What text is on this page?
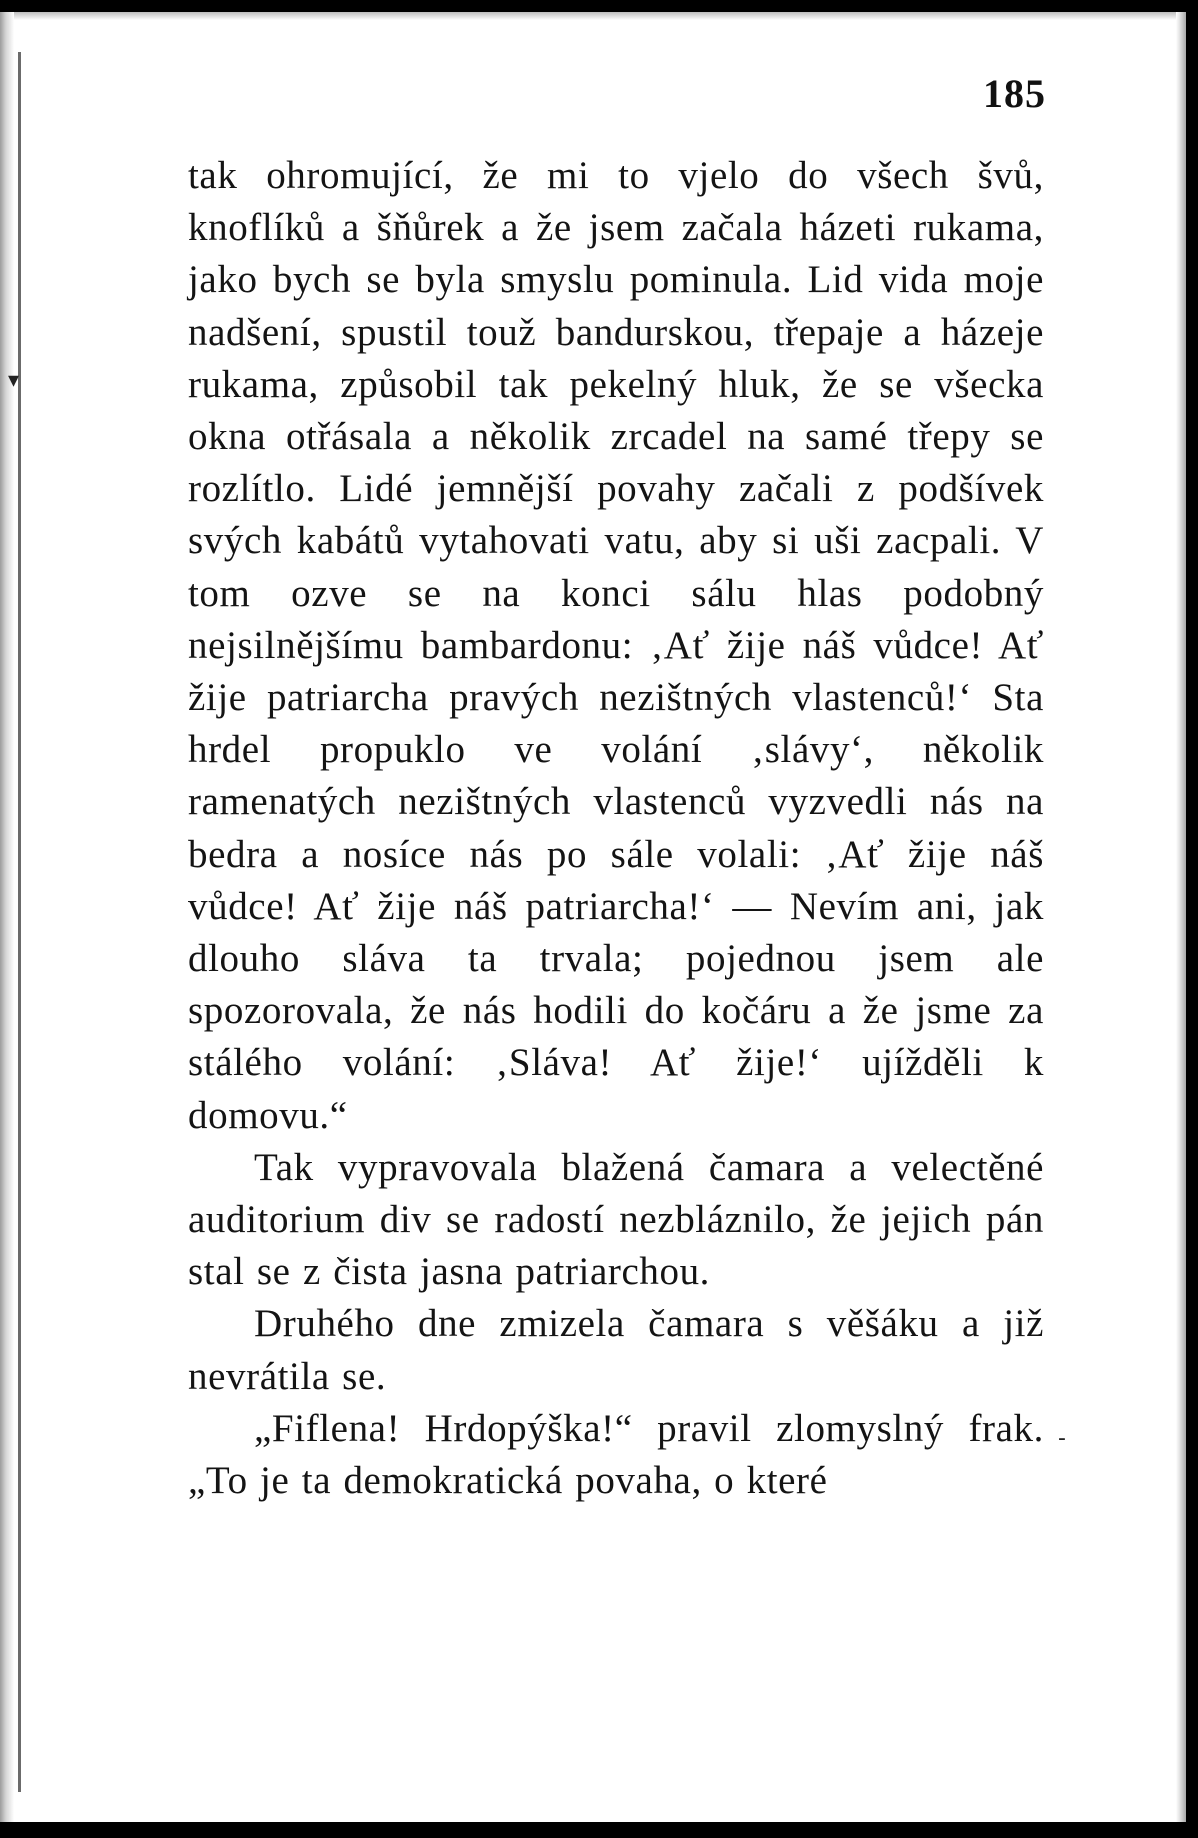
▾
-
185

tak ohromující, že mi to vjelo do všech švů, knoflíků a šňůrek a že jsem začala házeti rukama, jako bych se byla smyslu pominula. Lid vida moje nadšení, spustil touž bandurskou, třepaje a házeje rukama, způsobil tak pekelný hluk, že se všecka okna otřásala a několik zrcadel na samé třepy se rozlítlo. Lidé jemnější povahy začali z podšívek svých kabátů vytahovati vatu, aby si uši zacpali. V tom ozve se na konci sálu hlas podobný nejsilnějšímu bambardonu: ‚Ať žije náš vůdce! Ať žije patriarcha pravých nezištných vlastenců!‘ Sta hrdel propuklo ve volání ‚slávy‘, několik ramenatých nezištných vlastenců vyzvedli nás na bedra a nosíce nás po sále volali: ‚Ať žije náš vůdce! Ať žije náš patriarcha!‘ — Nevím ani, jak dlouho sláva ta trvala; pojednou jsem ale spozorovala, že nás hodili do kočáru a že jsme za stálého volání: ‚Sláva! Ať žije!‘ ujížděli k domovu.“

Tak vypravovala blažená čamara a velectěné auditorium div se radostí nezbláznilo, že jejich pán stal se z čista jasna patriarchou.

Druhého dne zmizela čamara s věšáku a již nevrátila se.

„Fiflena! Hrdopýška!“ pravil zlomyslný frak. „To je ta demokratická povaha, o které
